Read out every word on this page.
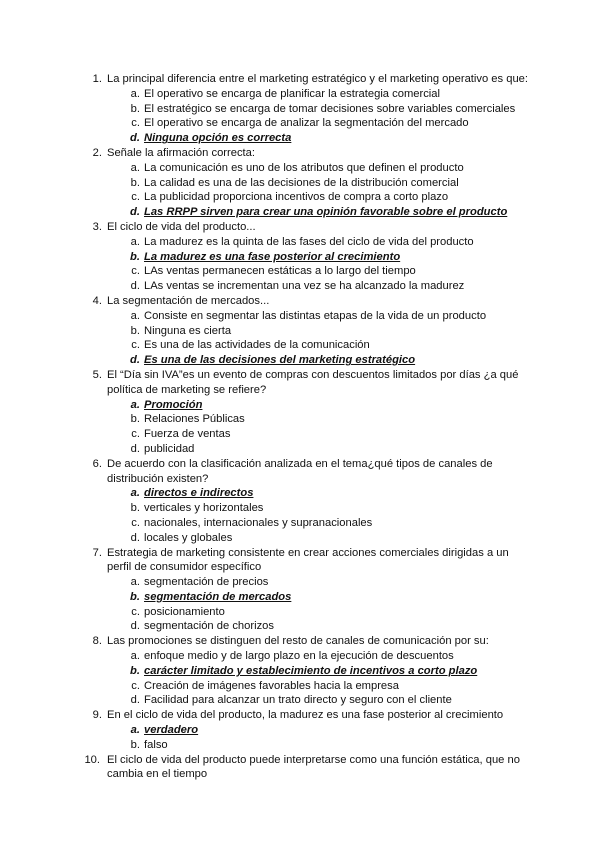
1. La principal diferencia entre el marketing estratégico y el marketing operativo es que:
a. El operativo se encarga de planificar la estrategia comercial
b. El estratégico se encarga de tomar decisiones sobre variables comerciales
c. El operativo se encarga de analizar la segmentación del mercado
d. Ninguna opción es correcta
2. Señale la afirmación correcta:
a. La comunicación es uno de los atributos que definen el producto
b. La calidad es una de las decisiones de la distribución comercial
c. La publicidad proporciona incentivos de compra a corto plazo
d. Las RRPP sirven para crear una opinión favorable sobre el producto
3. El ciclo de vida del producto...
a. La madurez es la quinta de las fases del ciclo de vida del producto
b. La madurez es una fase posterior al crecimiento
c. LAs ventas permanecen estáticas a lo largo del tiempo
d. LAs ventas se incrementan una vez se ha alcanzado la madurez
4. La segmentación de mercados...
a. Consiste en segmentar las distintas etapas de la vida de un producto
b. Ninguna es cierta
c. Es una de las actividades de la comunicación
d. Es una de las decisiones del marketing estratégico
5. El “Día sin IVA”es un evento de compras con descuentos limitados por días ¿a qué política de marketing se refiere?
a. Promoción
b. Relaciones Públicas
c. Fuerza de ventas
d. publicidad
6. De acuerdo con la clasificación analizada en el tema¿qué tipos de canales de distribución existen?
a. directos e indirectos
b. verticales y horizontales
c. nacionales, internacionales y supranacionales
d. locales y globales
7. Estrategia de marketing consistente en crear acciones comerciales dirigidas a un perfil de consumidor específico
a. segmentación de precios
b. segmentación de mercados
c. posicionamiento
d. segmentación de chorizos
8. Las promociones se distinguen del resto de canales de comunicación por su:
a. enfoque medio y de largo plazo en la ejecución de descuentos
b. carácter limitado y establecimiento de incentivos a corto plazo
c. Creación de imágenes favorables hacia la empresa
d. Facilidad para alcanzar un trato directo y seguro con el cliente
9. En el ciclo de vida del producto, la madurez es una fase posterior al crecimiento
a. verdadero
b. falso
10. El ciclo de vida del producto puede interpretarse como una función estática, que no cambia en el tiempo
